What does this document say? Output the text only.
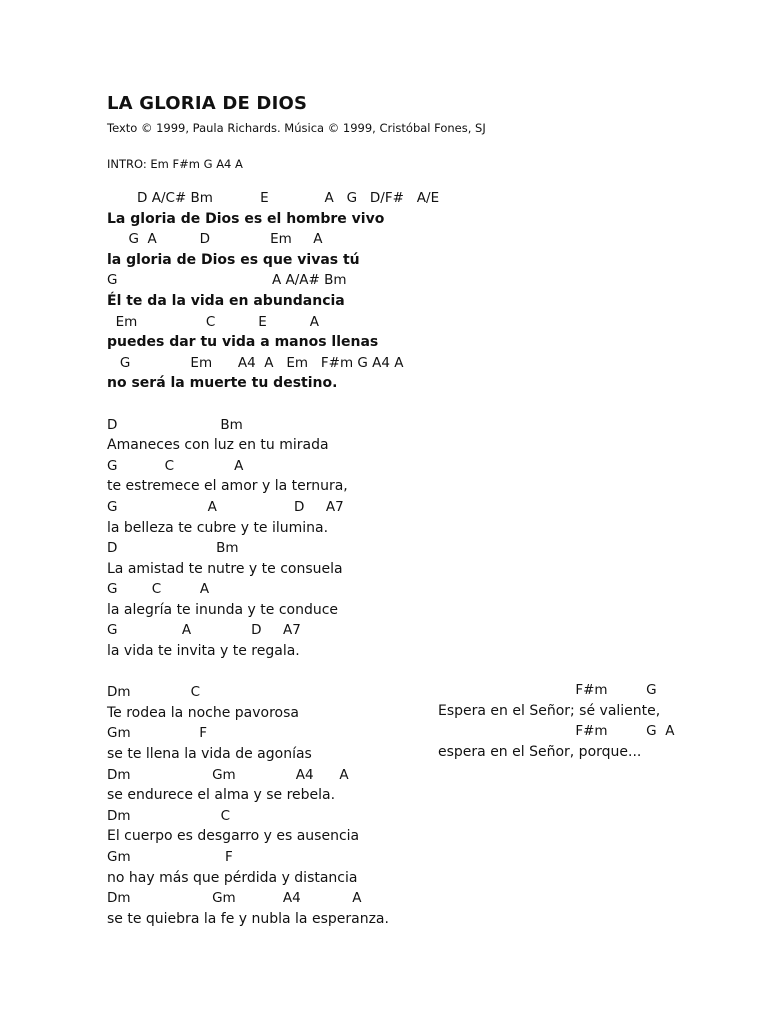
LA GLORIA DE DIOS
Texto © 1999, Paula Richards. Música © 1999, Cristóbal Fones, SJ
INTRO: Em F#m G A4 A
D A/C# Bm           E             A   G   D/F#   A/E
La gloria de Dios es el hombre vivo
G  A          D              Em     A
la gloria de Dios es que vivas tú
G                                    A A/A# Bm
Él te da la vida en abundancia
Em                C          E          A
puedes dar tu vida a manos llenas
G              Em      A4  A   Em   F#m G A4 A
no será la muerte tu destino.
D                        Bm
Amaneces con luz en tu mirada
G           C              A
te estremece el amor y la ternura,
G                     A                  D     A7
la belleza te cubre y te ilumina.
D                       Bm
La amistad te nutre y te consuela
G        C         A
la alegría te inunda y te conduce
G               A              D     A7
la vida te invita y te regala.
Dm              C
Te rodea la noche pavorosa
Gm                F
se te llena la vida de agonías
Dm                   Gm              A4      A
se endurece el alma y se rebela.
Dm                     C
El cuerpo es desgarro y es ausencia
Gm                      F
no hay más que pérdida y distancia
Dm                   Gm           A4            A
se te quiebra la fe y nubla la esperanza.
F#m         G
Espera en el Señor; sé valiente,
F#m         G  A
espera en el Señor, porque...
